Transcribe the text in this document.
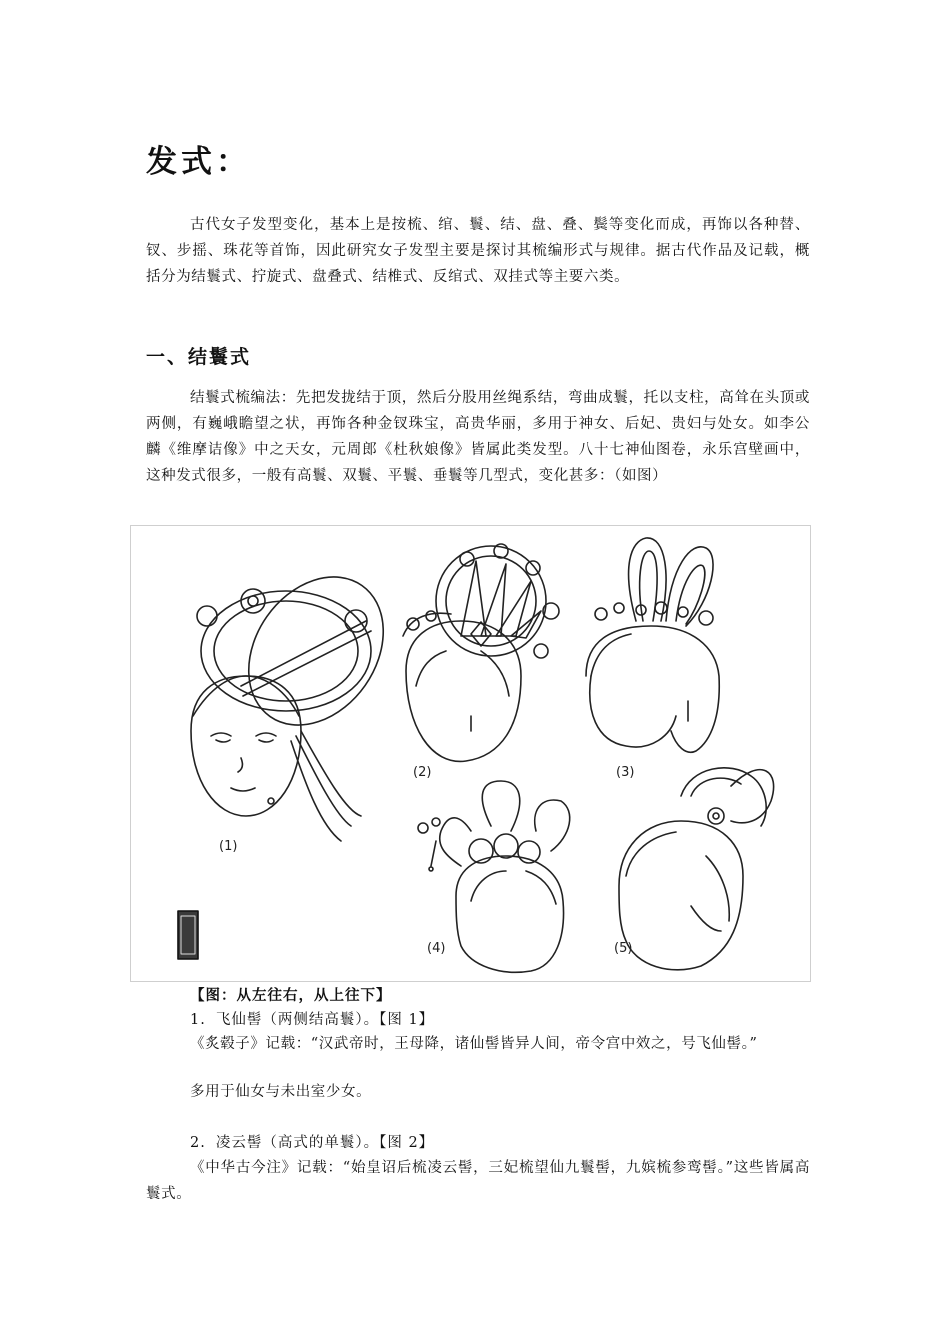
发式：

古代女子发型变化，基本上是按梳、绾、鬟、结、盘、叠、鬓等变化而成，再饰以各种替、钗、步摇、珠花等首饰，因此研究女子发型主要是探讨其梳编形式与规律。据古代作品及记载，概括分为结鬟式、拧旋式、盘叠式、结椎式、反绾式、双挂式等主要六类。

一、结鬟式

结鬟式梳编法：先把发拢结于顶，然后分股用丝绳系结，弯曲成鬟，托以支柱，高耸在头顶或两侧，有巍峨瞻望之状，再饰各种金钗珠宝，高贵华丽，多用于神女、后妃、贵妇与处女。如李公麟《维摩诘像》中之天女，元周郎《杜秋娘像》皆属此类发型。八十七神仙图卷，永乐宫壁画中，这种发式很多，一般有高鬟、双鬟、平鬟、垂鬟等几型式，变化甚多：（如图）

(1)
(2)	(3)
(4)	(5)

【图：从左往右，从上往下】

1. 飞仙髻（两侧结高鬟）。【图 1】

《炙毂子》记载：“汉武帝时，王母降，诸仙髻皆异人间，帝令宫中效之，号飞仙髻。”

多用于仙女与未出室少女。

2. 凌云髻（高式的单鬟）。【图 2】

《中华古今注》记载：“始皇诏后梳凌云髻，三妃梳望仙九鬟髻，九嫔梳参鸾髻。”这些皆属高鬟式。
